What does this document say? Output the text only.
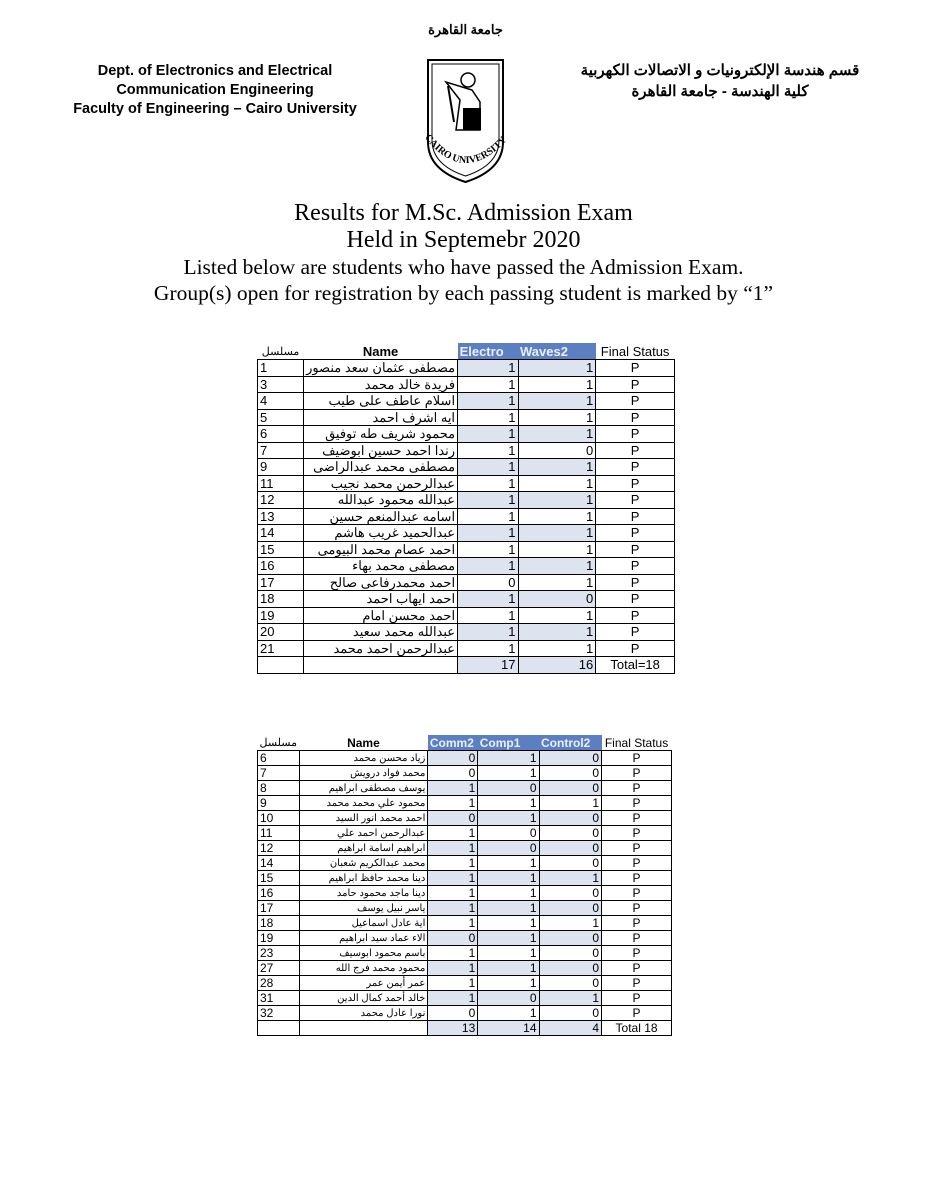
Dept. of Electronics and Electrical
Communication Engineering
Faculty of Engineering – Cairo University
جامعة القاهرة
CAIRO UNIVERSITY
قسم هندسة الإلكترونيات و الاتصالات الكهربية
كلية الهندسة - جامعة القاهرة
Results for M.Sc. Admission Exam
Held in Septemebr 2020
Listed below are students who have passed the Admission Exam.
Group(s) open for registration by each passing student is marked by “1”
مسلسل	Name	Electro	Waves2	Final Status
1	مصطفى عثمان سعد منصور	1	1	P
3	فريدة خالد محمد	1	1	P
4	اسلام عاطف على طيب	1	1	P
5	ايه اشرف احمد	1	1	P
6	محمود شريف طه توفيق	1	1	P
7	رندا احمد حسين ابوضيف	1	0	P
9	مصطفى محمد عبدالراضى	1	1	P
11	عبدالرحمن محمد نجيب	1	1	P
12	عبدالله محمود عبدالله	1	1	P
13	اسامه عبدالمنعم حسين	1	1	P
14	عبدالحميد غريب هاشم	1	1	P
15	احمد عصام محمد البيومى	1	1	P
16	مصطفى محمد بهاء	1	1	P
17	احمد محمدرفاعى صالح	0	1	P
18	احمد ايهاب احمد	1	0	P
19	احمد محسن امام	1	1	P
20	عبدالله محمد سعيد	1	1	P
21	عبدالرحمن احمد محمد	1	1	P
		17	16	Total=18
مسلسل	Name	Comm2	Comp1	Control2	Final Status
6	زياد محسن محمد	0	1	0	P
7	محمد فواد درويش	0	1	0	P
8	يوسف مصطفى ابراهيم	1	0	0	P
9	محمود علي محمد محمد	1	1	1	P
10	احمد محمد انور السيد	0	1	0	P
11	عبدالرحمن احمد علي	1	0	0	P
12	ابراهيم اسامة ابراهيم	1	0	0	P
14	محمد عبدالكريم شعبان	1	1	0	P
15	دينا محمد حافظ ابراهيم	1	1	1	P
16	دينا ماجد محمود حامد	1	1	0	P
17	ياسر نبيل يوسف	1	1	0	P
18	اية عادل اسماعيل	1	1	1	P
19	الاء عماد سيد ابراهيم	0	1	0	P
23	باسم محمود ابوسيف	1	1	0	P
27	محمود محمد فرج الله	1	1	0	P
28	عمر أيمن عمر	1	1	0	P
31	خالد أحمد كمال الدين	1	0	1	P
32	نورا عادل محمد	0	1	0	P
		13	14	4	Total 18
